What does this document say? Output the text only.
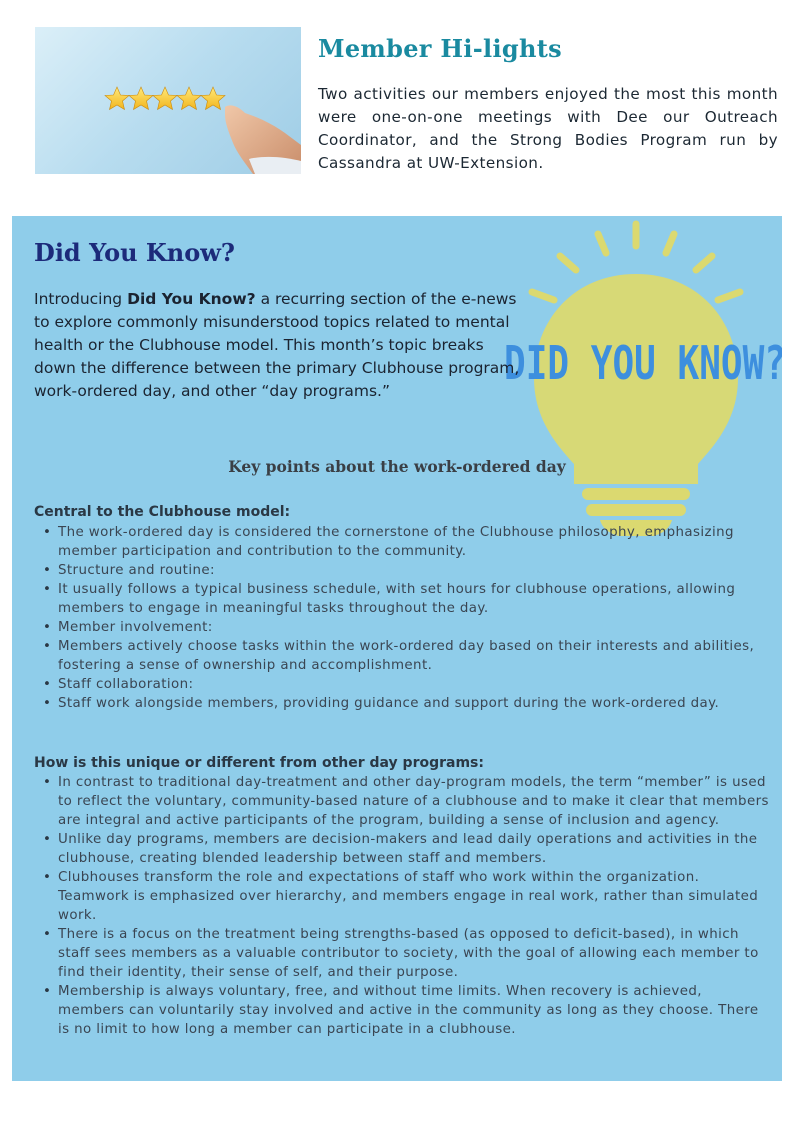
Member Hi-lights

Two activities our members enjoyed the most this month were one-on-one meetings with Dee our Outreach Coordinator, and the Strong Bodies Program run by Cassandra at UW-Extension.

DID YOU KNOW?
Did You Know?

Introducing Did You Know? a recurring section of the e-news to explore commonly misunderstood topics related to mental health or the Clubhouse model. This month’s topic breaks down the difference between the primary Clubhouse program, work-ordered day, and other “day programs.”

Key points about the work-ordered day
Central to the Clubhouse model:
• The work-ordered day is considered the cornerstone of the Clubhouse philosophy, emphasizing member participation and contribution to the community.
• Structure and routine:
• It usually follows a typical business schedule, with set hours for clubhouse operations, allowing members to engage in meaningful tasks throughout the day.
• Member involvement:
• Members actively choose tasks within the work-ordered day based on their interests and abilities, fostering a sense of ownership and accomplishment.
• Staff collaboration:
• Staff work alongside members, providing guidance and support during the work-ordered day.
How is this unique or different from other day programs:
• In contrast to traditional day-treatment and other day-program models, the term “member” is used to reflect the voluntary, community-based nature of a clubhouse and to make it clear that members are integral and active participants of the program, building a sense of inclusion and agency.
• Unlike day programs, members are decision-makers and lead daily operations and activities in the clubhouse, creating blended leadership between staff and members.
• Clubhouses transform the role and expectations of staff who work within the organization. Teamwork is emphasized over hierarchy, and members engage in real work, rather than simulated work.
• There is a focus on the treatment being strengths-based (as opposed to deficit-based), in which staff sees members as a valuable contributor to society, with the goal of allowing each member to find their identity, their sense of self, and their purpose.
• Membership is always voluntary, free, and without time limits. When recovery is achieved, members can voluntarily stay involved and active in the community as long as they choose. There is no limit to how long a member can participate in a clubhouse.
